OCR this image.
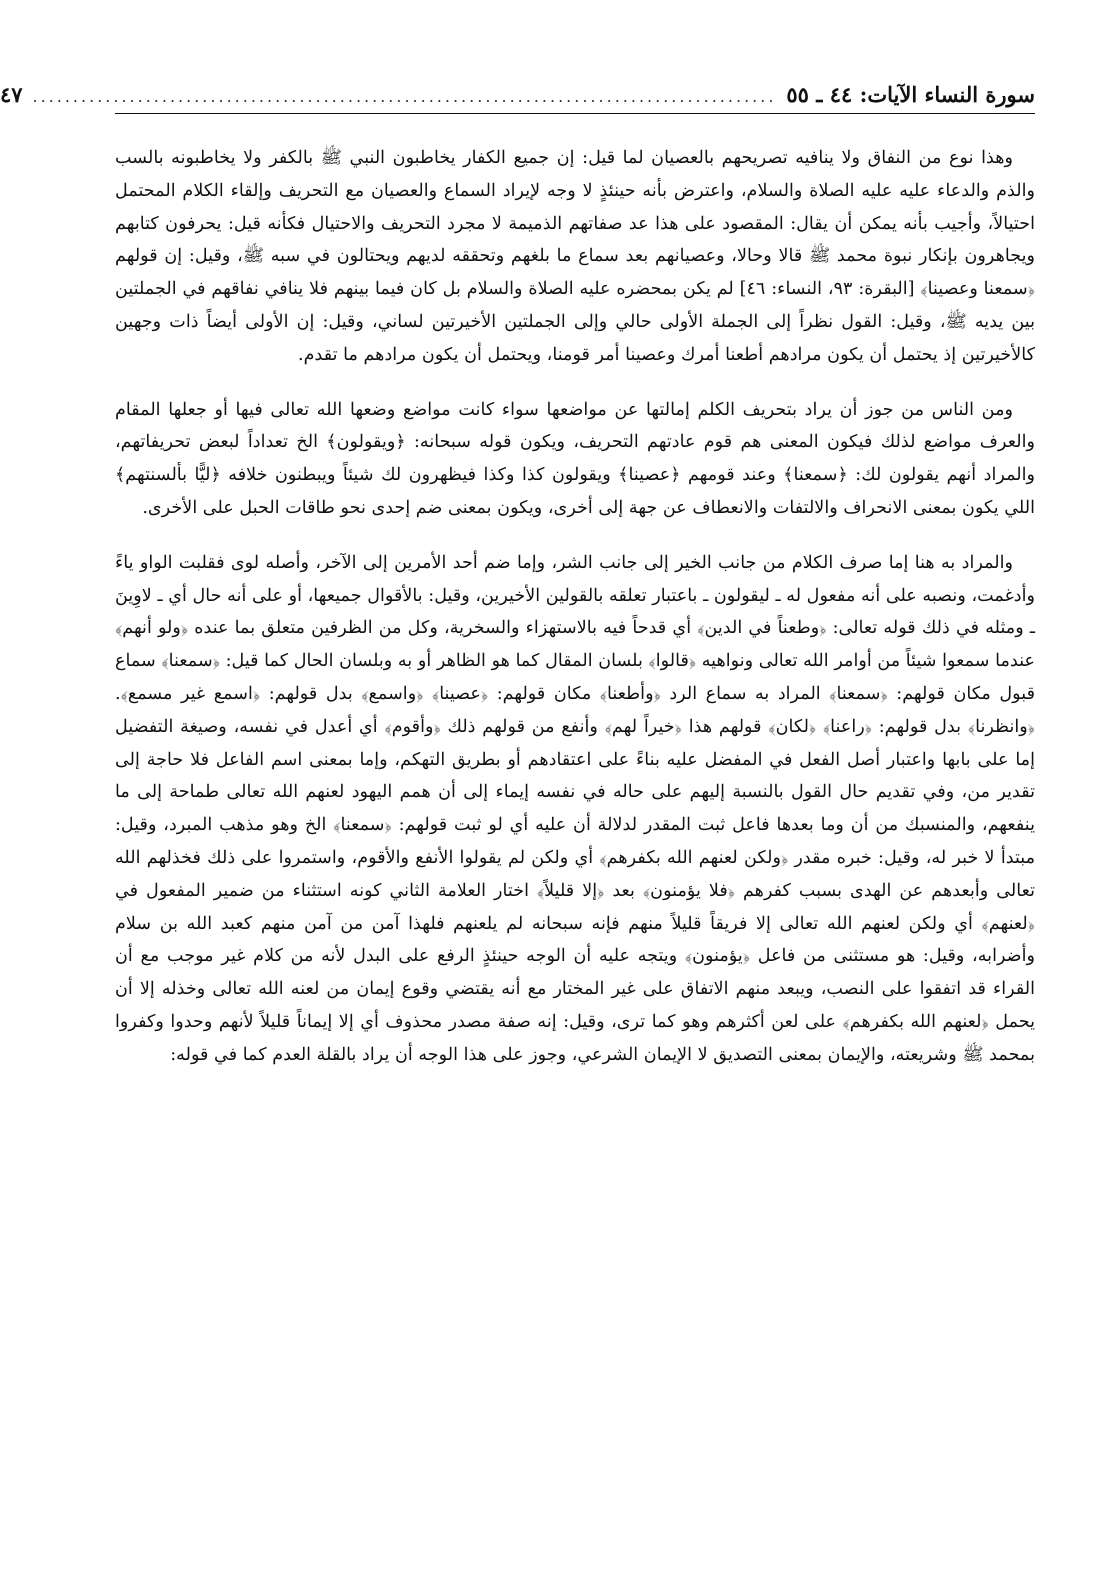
سورة النساء الآيات: ٤٤ ـ ٥٥
............................................................................................
٤٧

وهذا نوع من النفاق ولا ينافيه تصريحهم بالعصيان لما قيل: إن جميع الكفار يخاطبون النبي ﷺ بالكفر ولا يخاطبونه بالسب والذم والدعاء عليه عليه الصلاة والسلام، واعترض بأنه حينئذٍ لا وجه لإيراد السماع والعصيان مع التحريف وإلقاء الكلام المحتمل احتيالاً، وأجيب بأنه يمكن أن يقال: المقصود على هذا عد صفاتهم الذميمة لا مجرد التحريف والاحتيال فكأنه قيل: يحرفون كتابهم ويجاهرون بإنكار نبوة محمد ﷺ قالا وحالا، وعصيانهم بعد سماع ما بلغهم وتحققه لديهم ويحتالون في سبه ﷺ، وقيل: إن قولهم ﴿سمعنا وعصينا﴾ [البقرة: ٩٣، النساء: ٤٦] لم يكن بمحضره عليه الصلاة والسلام بل كان فيما بينهم فلا ينافي نفاقهم في الجملتين بين يديه ﷺ، وقيل: القول نظراً إلى الجملة الأولى حالي وإلى الجملتين الأخيرتين لساني، وقيل: إن الأولى أيضاً ذات وجهين كالأخيرتين إذ يحتمل أن يكون مرادهم أطعنا أمرك وعصينا أمر قومنا، ويحتمل أن يكون مرادهم ما تقدم.

ومن الناس من جوز أن يراد بتحريف الكلم إمالتها عن مواضعها سواء كانت مواضع وضعها الله تعالى فيها أو جعلها المقام والعرف مواضع لذلك فيكون المعنى هم قوم عادتهم التحريف، ويكون قوله سبحانه: ﴿ويقولون﴾ الخ تعداداً لبعض تحريفاتهم، والمراد أنهم يقولون لك: ﴿سمعنا﴾ وعند قومهم ﴿عصينا﴾ ويقولون كذا وكذا فيظهرون لك شيئاً ويبطنون خلافه ﴿ليًّا بألسنتهم﴾ اللي يكون بمعنى الانحراف والالتفات والانعطاف عن جهة إلى أخرى، ويكون بمعنى ضم إحدى نحو طاقات الحبل على الأخرى.

والمراد به هنا إما صرف الكلام من جانب الخير إلى جانب الشر، وإما ضم أحد الأمرين إلى الآخر، وأصله لوى فقلبت الواو ياءً وأدغمت، ونصبه على أنه مفعول له ـ ليقولون ـ باعتبار تعلقه بالقولين الأخيرين، وقيل: بالأقوال جميعها، أو على أنه حال أي ـ لاوِينَ ـ ومثله في ذلك قوله تعالى: ﴿وطعناً في الدين﴾ أي قدحاً فيه بالاستهزاء والسخرية، وكل من الظرفين متعلق بما عنده ﴿ولو أنهم﴾ عندما سمعوا شيئاً من أوامر الله تعالى ونواهيه ﴿قالوا﴾ بلسان المقال كما هو الظاهر أو به وبلسان الحال كما قيل: ﴿سمعنا﴾ سماع قبول مكان قولهم: ﴿سمعنا﴾ المراد به سماع الرد ﴿وأطعنا﴾ مكان قولهم: ﴿عصينا﴾ ﴿واسمع﴾ بدل قولهم: ﴿اسمع غير مسمع﴾. ﴿وانظرنا﴾ بدل قولهم: ﴿راعنا﴾ ﴿لكان﴾ قولهم هذا ﴿خيراً لهم﴾ وأنفع من قولهم ذلك ﴿وأقوم﴾ أي أعدل في نفسه، وصيغة التفضيل إما على بابها واعتبار أصل الفعل في المفضل عليه بناءً على اعتقادهم أو بطريق التهكم، وإما بمعنى اسم الفاعل فلا حاجة إلى تقدير من، وفي تقديم حال القول بالنسبة إليهم على حاله في نفسه إيماء إلى أن همم اليهود لعنهم الله تعالى طماحة إلى ما ينفعهم، والمنسبك من أن وما بعدها فاعل ثبت المقدر لدلالة أن عليه أي لو ثبت قولهم: ﴿سمعنا﴾ الخ وهو مذهب المبرد، وقيل: مبتدأ لا خبر له، وقيل: خبره مقدر ﴿ولكن لعنهم الله بكفرهم﴾ أي ولكن لم يقولوا الأنفع والأقوم، واستمروا على ذلك فخذلهم الله تعالى وأبعدهم عن الهدى بسبب كفرهم ﴿فلا يؤمنون﴾ بعد ﴿إلا قليلاً﴾ اختار العلامة الثاني كونه استثناء من ضمير المفعول في ﴿لعنهم﴾ أي ولكن لعنهم الله تعالى إلا فريقاً قليلاً منهم فإنه سبحانه لم يلعنهم فلهذا آمن من آمن منهم كعبد الله بن سلام وأضرابه، وقيل: هو مستثنى من فاعل ﴿يؤمنون﴾ ويتجه عليه أن الوجه حينئذٍ الرفع على البدل لأنه من كلام غير موجب مع أن القراء قد اتفقوا على النصب، ويبعد منهم الاتفاق على غير المختار مع أنه يقتضي وقوع إيمان من لعنه الله تعالى وخذله إلا أن يحمل ﴿لعنهم الله بكفرهم﴾ على لعن أكثرهم وهو كما ترى، وقيل: إنه صفة مصدر محذوف أي إلا إيماناً قليلاً لأنهم وحدوا وكفروا بمحمد ﷺ وشريعته، والإيمان بمعنى التصديق لا الإيمان الشرعي، وجوز على هذا الوجه أن يراد بالقلة العدم كما في قوله:
